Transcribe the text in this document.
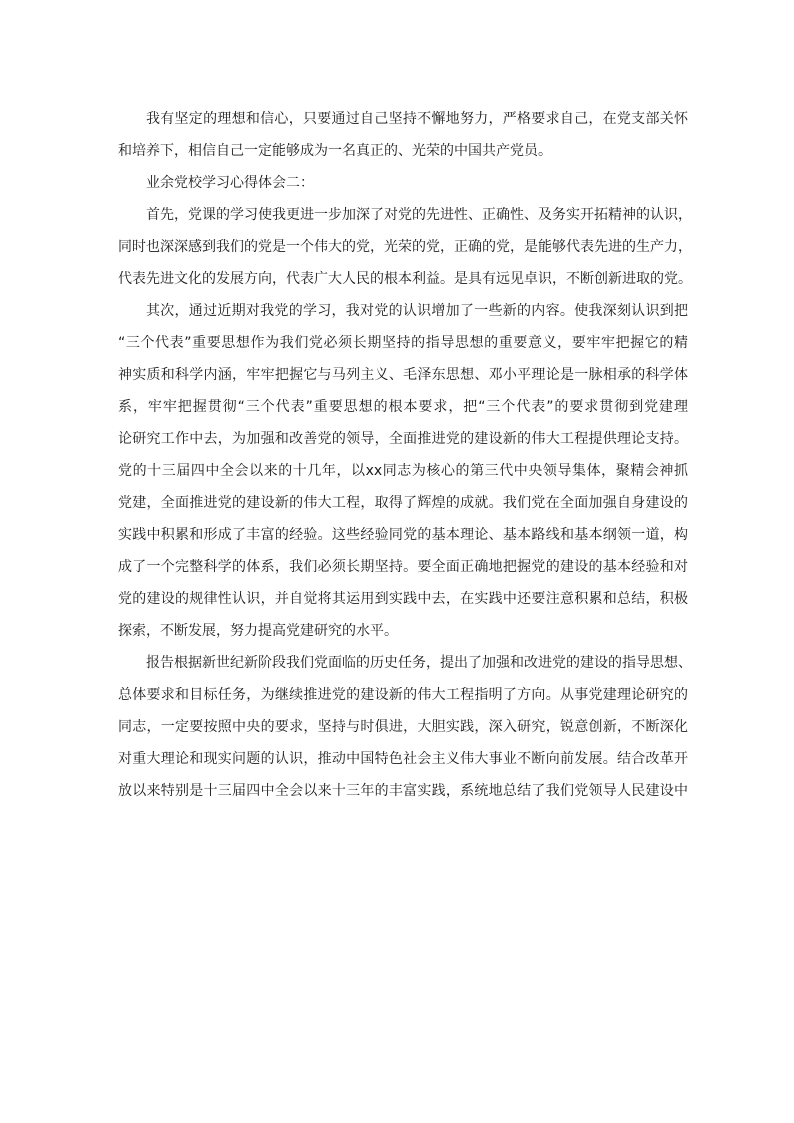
我有坚定的理想和信心，只要通过自己坚持不懈地努力，严格要求自己，在党支部关怀
和培养下，相信自己一定能够成为一名真正的、光荣的中国共产党员。
业余党校学习心得体会二：
首先，党课的学习使我更进一步加深了对党的先进性、正确性、及务实开拓精神的认识，
同时也深深感到我们的党是一个伟大的党，光荣的党，正确的党，是能够代表先进的生产力，
代表先进文化的发展方向，代表广大人民的根本利益。是具有远见卓识，不断创新进取的党。
其次，通过近期对我党的学习，我对党的认识增加了一些新的内容。使我深刻认识到把
“三个代表”重要思想作为我们党必须长期坚持的指导思想的重要意义，要牢牢把握它的精
神实质和科学内涵，牢牢把握它与马列主义、毛泽东思想、邓小平理论是一脉相承的科学体
系，牢牢把握贯彻“三个代表”重要思想的根本要求，把“三个代表”的要求贯彻到党建理
论研究工作中去，为加强和改善党的领导，全面推进党的建设新的伟大工程提供理论支持。
党的十三届四中全会以来的十几年，以xx同志为核心的第三代中央领导集体，聚精会神抓
党建，全面推进党的建设新的伟大工程，取得了辉煌的成就。我们党在全面加强自身建设的
实践中积累和形成了丰富的经验。这些经验同党的基本理论、基本路线和基本纲领一道，构
成了一个完整科学的体系，我们必须长期坚持。要全面正确地把握党的建设的基本经验和对
党的建设的规律性认识，并自觉将其运用到实践中去，在实践中还要注意积累和总结，积极
探索，不断发展，努力提高党建研究的水平。
报告根据新世纪新阶段我们党面临的历史任务，提出了加强和改进党的建设的指导思想、
总体要求和目标任务，为继续推进党的建设新的伟大工程指明了方向。从事党建理论研究的
同志，一定要按照中央的要求，坚持与时俱进，大胆实践，深入研究，锐意创新，不断深化
对重大理论和现实问题的认识，推动中国特色社会主义伟大事业不断向前发展。结合改革开
放以来特别是十三届四中全会以来十三年的丰富实践，系统地总结了我们党领导人民建设中
